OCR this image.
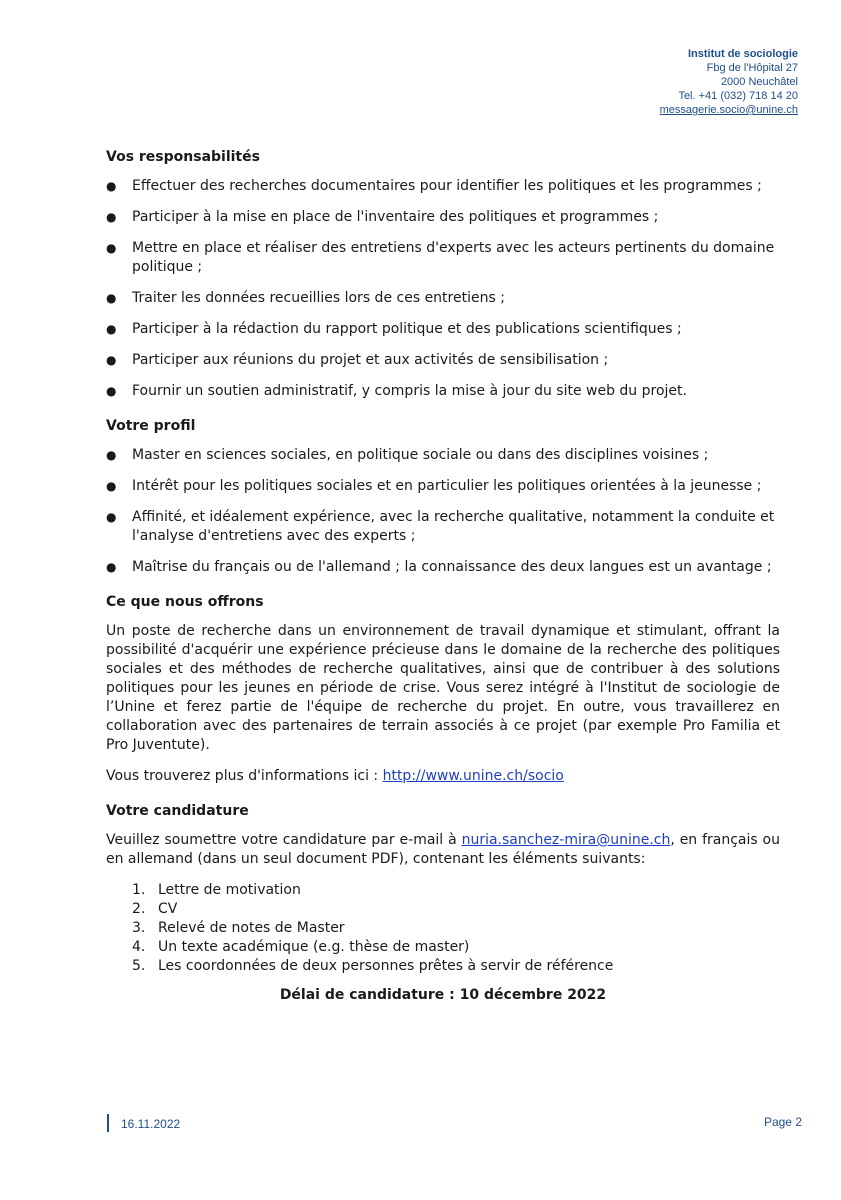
Institut de sociologie
Fbg de l'Hôpital 27
2000 Neuchâtel
Tel. +41 (032) 718 14 20
messagerie.socio@unine.ch
Vos responsabilités
● Effectuer des recherches documentaires pour identifier les politiques et les programmes ;
● Participer à la mise en place de l'inventaire des politiques et programmes ;
● Mettre en place et réaliser des entretiens d'experts avec les acteurs pertinents du domaine politique ;
● Traiter les données recueillies lors de ces entretiens ;
● Participer à la rédaction du rapport politique et des publications scientifiques ;
● Participer aux réunions du projet et aux activités de sensibilisation ;
● Fournir un soutien administratif, y compris la mise à jour du site web du projet.
Votre profil
● Master en sciences sociales, en politique sociale ou dans des disciplines voisines ;
● Intérêt pour les politiques sociales et en particulier les politiques orientées à la jeunesse ;
● Affinité, et idéalement expérience, avec la recherche qualitative, notamment la conduite et l'analyse d'entretiens avec des experts ;
● Maîtrise du français ou de l'allemand ; la connaissance des deux langues est un avantage ;
Ce que nous offrons

Un poste de recherche dans un environnement de travail dynamique et stimulant, offrant la possibilité d'acquérir une expérience précieuse dans le domaine de la recherche des politiques sociales et des méthodes de recherche qualitatives, ainsi que de contribuer à des solutions politiques pour les jeunes en période de crise. Vous serez intégré à l'Institut de sociologie de l’Unine et ferez partie de l'équipe de recherche du projet. En outre, vous travaillerez en collaboration avec des partenaires de terrain associés à ce projet (par exemple Pro Familia et Pro Juventute).

Vous trouverez plus d'informations ici : http://www.unine.ch/socio

Votre candidature

Veuillez soumettre votre candidature par e-mail à nuria.sanchez-mira@unine.ch, en français ou en allemand (dans un seul document PDF), contenant les éléments suivants:

1. Lettre de motivation
2. CV
3. Relevé de notes de Master
4. Un texte académique (e.g. thèse de master)
5. Les coordonnées de deux personnes prêtes à servir de référence
Délai de candidature : 10 décembre 2022
16.11.2022	Page 2
